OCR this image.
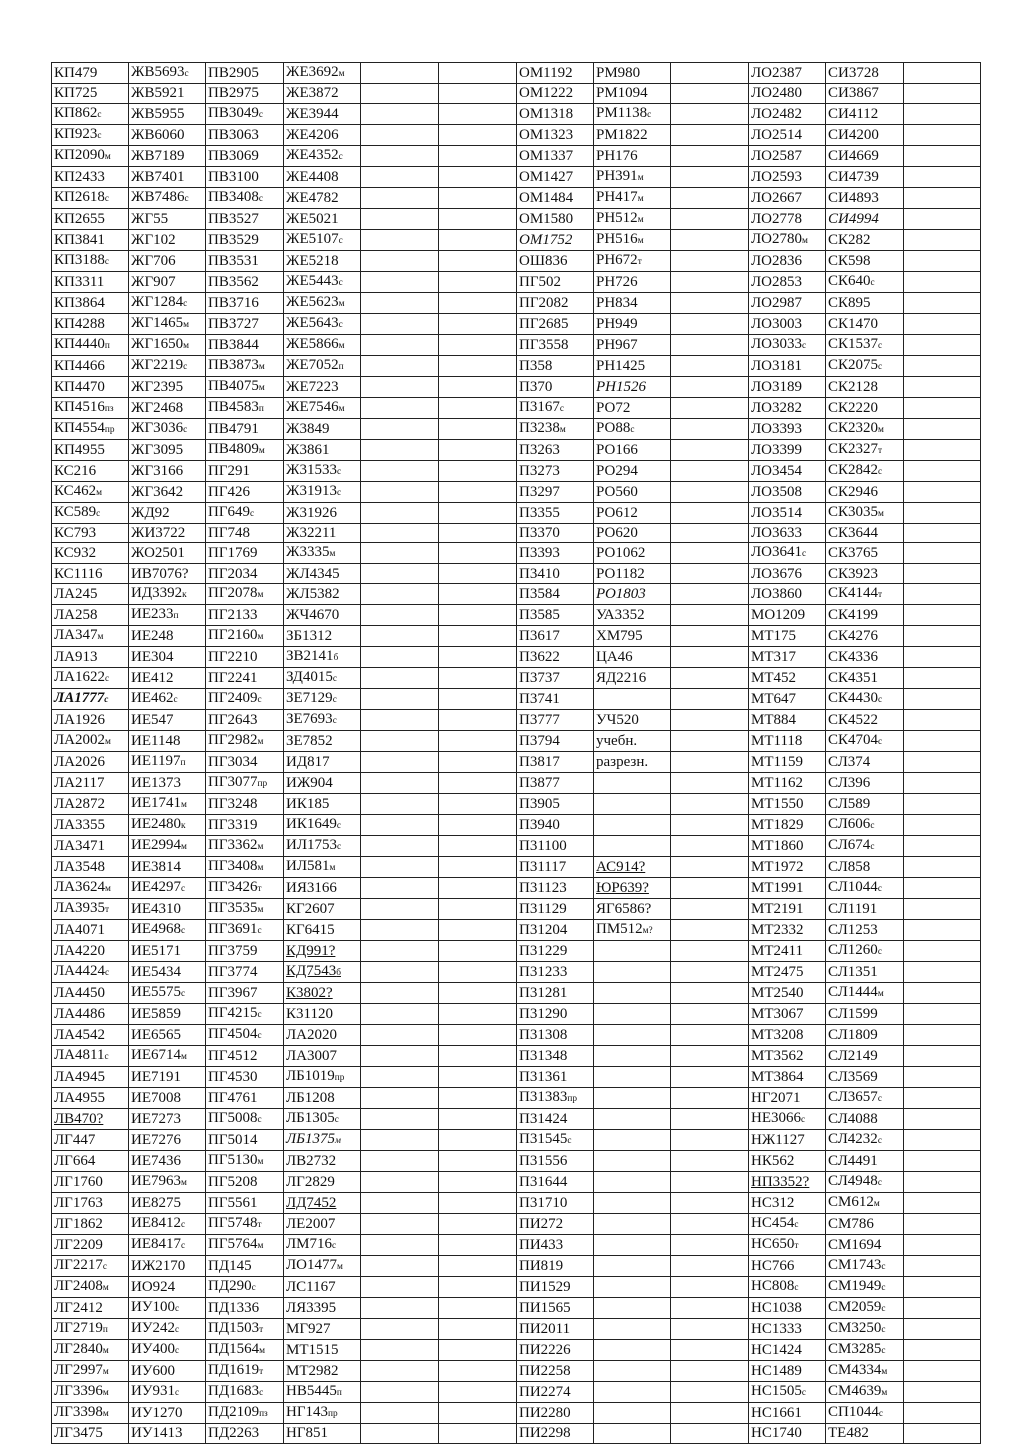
КП479	ЖВ5693с	ПВ2905	ЖЕ3692м			ОМ1192	РМ980		ЛО2387	СИ3728	
КП725	ЖВ5921	ПВ2975	ЖЕ3872			ОМ1222	РМ1094		ЛО2480	СИ3867	
КП862с	ЖВ5955	ПВ3049с	ЖЕ3944			ОМ1318	РМ1138с		ЛО2482	СИ4112	
КП923с	ЖВ6060	ПВ3063	ЖЕ4206			ОМ1323	РМ1822		ЛО2514	СИ4200	
КП2090м	ЖВ7189	ПВ3069	ЖЕ4352с			ОМ1337	РН176		ЛО2587	СИ4669	
КП2433	ЖВ7401	ПВ3100	ЖЕ4408			ОМ1427	РН391м		ЛО2593	СИ4739	
КП2618с	ЖВ7486с	ПВ3408с	ЖЕ4782			ОМ1484	РН417м		ЛО2667	СИ4893	
КП2655	ЖГ55	ПВ3527	ЖЕ5021			ОМ1580	РН512м		ЛО2778	СИ4994	
КП3841	ЖГ102	ПВ3529	ЖЕ5107с			ОМ1752	РН516м		ЛО2780м	СК282	
КП3188с	ЖГ706	ПВ3531	ЖЕ5218			ОШ836	РН672т		ЛО2836	СК598	
КП3311	ЖГ907	ПВ3562	ЖЕ5443с			ПГ502	РН726		ЛО2853	СК640с	
КП3864	ЖГ1284с	ПВ3716	ЖЕ5623м			ПГ2082	РН834		ЛО2987	СК895	
КП4288	ЖГ1465м	ПВ3727	ЖЕ5643с			ПГ2685	РН949		ЛО3003	СК1470	
КП4440п	ЖГ1650м	ПВ3844	ЖЕ5866м			ПГ3558	РН967		ЛО3033с	СК1537с	
КП4466	ЖГ2219с	ПВ3873м	ЖЕ7052п			П358	РН1425		ЛО3181	СК2075с	
КП4470	ЖГ2395	ПВ4075м	ЖЕ7223			П370	РН1526		ЛО3189	СК2128	
КП4516пз	ЖГ2468	ПВ4583п	ЖЕ7546м			П3167с	РО72		ЛО3282	СК2220	
КП4554пр	ЖГ3036с	ПВ4791	Ж3849			П3238м	РО88с		ЛО3393	СК2320м	
КП4955	ЖГ3095	ПВ4809м	Ж3861			П3263	РО166		ЛО3399	СК2327т	
КС216	ЖГ3166	ПГ291	Ж31533с			П3273	РО294		ЛО3454	СК2842с	
КС462м	ЖГ3642	ПГ426	Ж31913с			П3297	РО560		ЛО3508	СК2946	
КС589с	ЖД92	ПГ649с	Ж31926			П3355	РО612		ЛО3514	СК3035м	
КС793	ЖИ3722	ПГ748	Ж32211			П3370	РО620		ЛО3633	СК3644	
КС932	ЖО2501	ПГ1769	Ж3335м			П3393	РО1062		ЛО3641с	СК3765	
КС1116	ИВ7076?	ПГ2034	ЖЛ4345			П3410	РО1182		ЛО3676	СК3923	
ЛА245	ИД3392к	ПГ2078м	ЖЛ5382			П3584	РО1803		ЛО3860	СК4144т	
ЛА258	ИЕ233п	ПГ2133	ЖЧ4670			П3585	УА3352		МО1209	СК4199	
ЛА347м	ИЕ248	ПГ2160м	ЗБ1312			П3617	ХМ795		МТ175	СК4276	
ЛА913	ИЕ304	ПГ2210	ЗВ2141б			П3622	ЦА46		МТ317	СК4336	
ЛА1622с	ИЕ412	ПГ2241	ЗД4015с			П3737	ЯД2216		МТ452	СК4351	
ЛА1777с	ИЕ462с	ПГ2409с	ЗЕ7129с			П3741			МТ647	СК4430с	
ЛА1926	ИЕ547	ПГ2643	ЗЕ7693с			П3777	УЧ520		МТ884	СК4522	
ЛА2002м	ИЕ1148	ПГ2982м	ЗЕ7852			П3794	учебн.		МТ1118	СК4704с	
ЛА2026	ИЕ1197п	ПГ3034	ИД817			П3817	разрезн.		МТ1159	СЛ374	
ЛА2117	ИЕ1373	ПГ3077пр	ИЖ904			П3877			МТ1162	СЛ396	
ЛА2872	ИЕ1741м	ПГ3248	ИК185			П3905			МТ1550	СЛ589	
ЛА3355	ИЕ2480к	ПГ3319	ИК1649с			П3940			МТ1829	СЛ606с	
ЛА3471	ИЕ2994м	ПГ3362м	ИЛ1753с			П31100			МТ1860	СЛ674с	
ЛА3548	ИЕ3814	ПГ3408м	ИЛ581м			П31117	АС914?		МТ1972	СЛ858	
ЛА3624м	ИЕ4297с	ПГ3426т	ИЯ3166			П31123	ЮР639?		МТ1991	СЛ1044с	
ЛА3935т	ИЕ4310	ПГ3535м	КГ2607			П31129	ЯГ6586?		МТ2191	СЛ1191	
ЛА4071	ИЕ4968с	ПГ3691с	КГ6415			П31204	ПМ512м?		МТ2332	СЛ1253	
ЛА4220	ИЕ5171	ПГ3759	КД991?			П31229			МТ2411	СЛ1260с	
ЛА4424с	ИЕ5434	ПГ3774	КД7543б			П31233			МТ2475	СЛ1351	
ЛА4450	ИЕ5575с	ПГ3967	К3802?			П31281			МТ2540	СЛ1444м	
ЛА4486	ИЕ5859	ПГ4215с	К31120			П31290			МТ3067	СЛ1599	
ЛА4542	ИЕ6565	ПГ4504с	ЛА2020			П31308			МТ3208	СЛ1809	
ЛА4811с	ИЕ6714м	ПГ4512	ЛА3007			П31348			МТ3562	СЛ2149	
ЛА4945	ИЕ7191	ПГ4530	ЛБ1019пр			П31361			МТ3864	СЛ3569	
ЛА4955	ИЕ7008	ПГ4761	ЛБ1208			П31383пр			НГ2071	СЛ3657с	
ЛВ470?	ИЕ7273	ПГ5008с	ЛБ1305с			П31424			НЕ3066с	СЛ4088	
ЛГ447	ИЕ7276	ПГ5014	ЛБ1375м			П31545с			НЖ1127	СЛ4232с	
ЛГ664	ИЕ7436	ПГ5130м	ЛВ2732			П31556			НК562	СЛ4491	
ЛГ1760	ИЕ7963м	ПГ5208	ЛГ2829			П31644			НП3352?	СЛ4948с	
ЛГ1763	ИЕ8275	ПГ5561	ЛД7452			П31710			НС312	СМ612м	
ЛГ1862	ИЕ8412с	ПГ5748т	ЛЕ2007			ПИ272			НС454с	СМ786	
ЛГ2209	ИЕ8417с	ПГ5764м	ЛМ716с			ПИ433			НС650т	СМ1694	
ЛГ2217с	ИЖ2170	ПД145	ЛО1477м			ПИ819			НС766	СМ1743с	
ЛГ2408м	ИО924	ПД290с	ЛС1167			ПИ1529			НС808с	СМ1949с	
ЛГ2412	ИУ100с	ПД1336	ЛЯ3395			ПИ1565			НС1038	СМ2059с	
ЛГ2719п	ИУ242с	ПД1503т	МГ927			ПИ2011			НС1333	СМ3250с	
ЛГ2840м	ИУ400с	ПД1564м	МТ1515			ПИ2226			НС1424	СМ3285с	
ЛГ2997м	ИУ600	ПД1619т	МТ2982			ПИ2258			НС1489	СМ4334м	
ЛГ3396м	ИУ931с	ПД1683с	НВ5445п			ПИ2274			НС1505с	СМ4639м	
ЛГ3398м	ИУ1270	ПД2109пз	НГ143пр			ПИ2280			НС1661	СП1044с	
ЛГ3475	ИУ1413	ПД2263	НГ851			ПИ2298			НС1740	ТЕ482	
